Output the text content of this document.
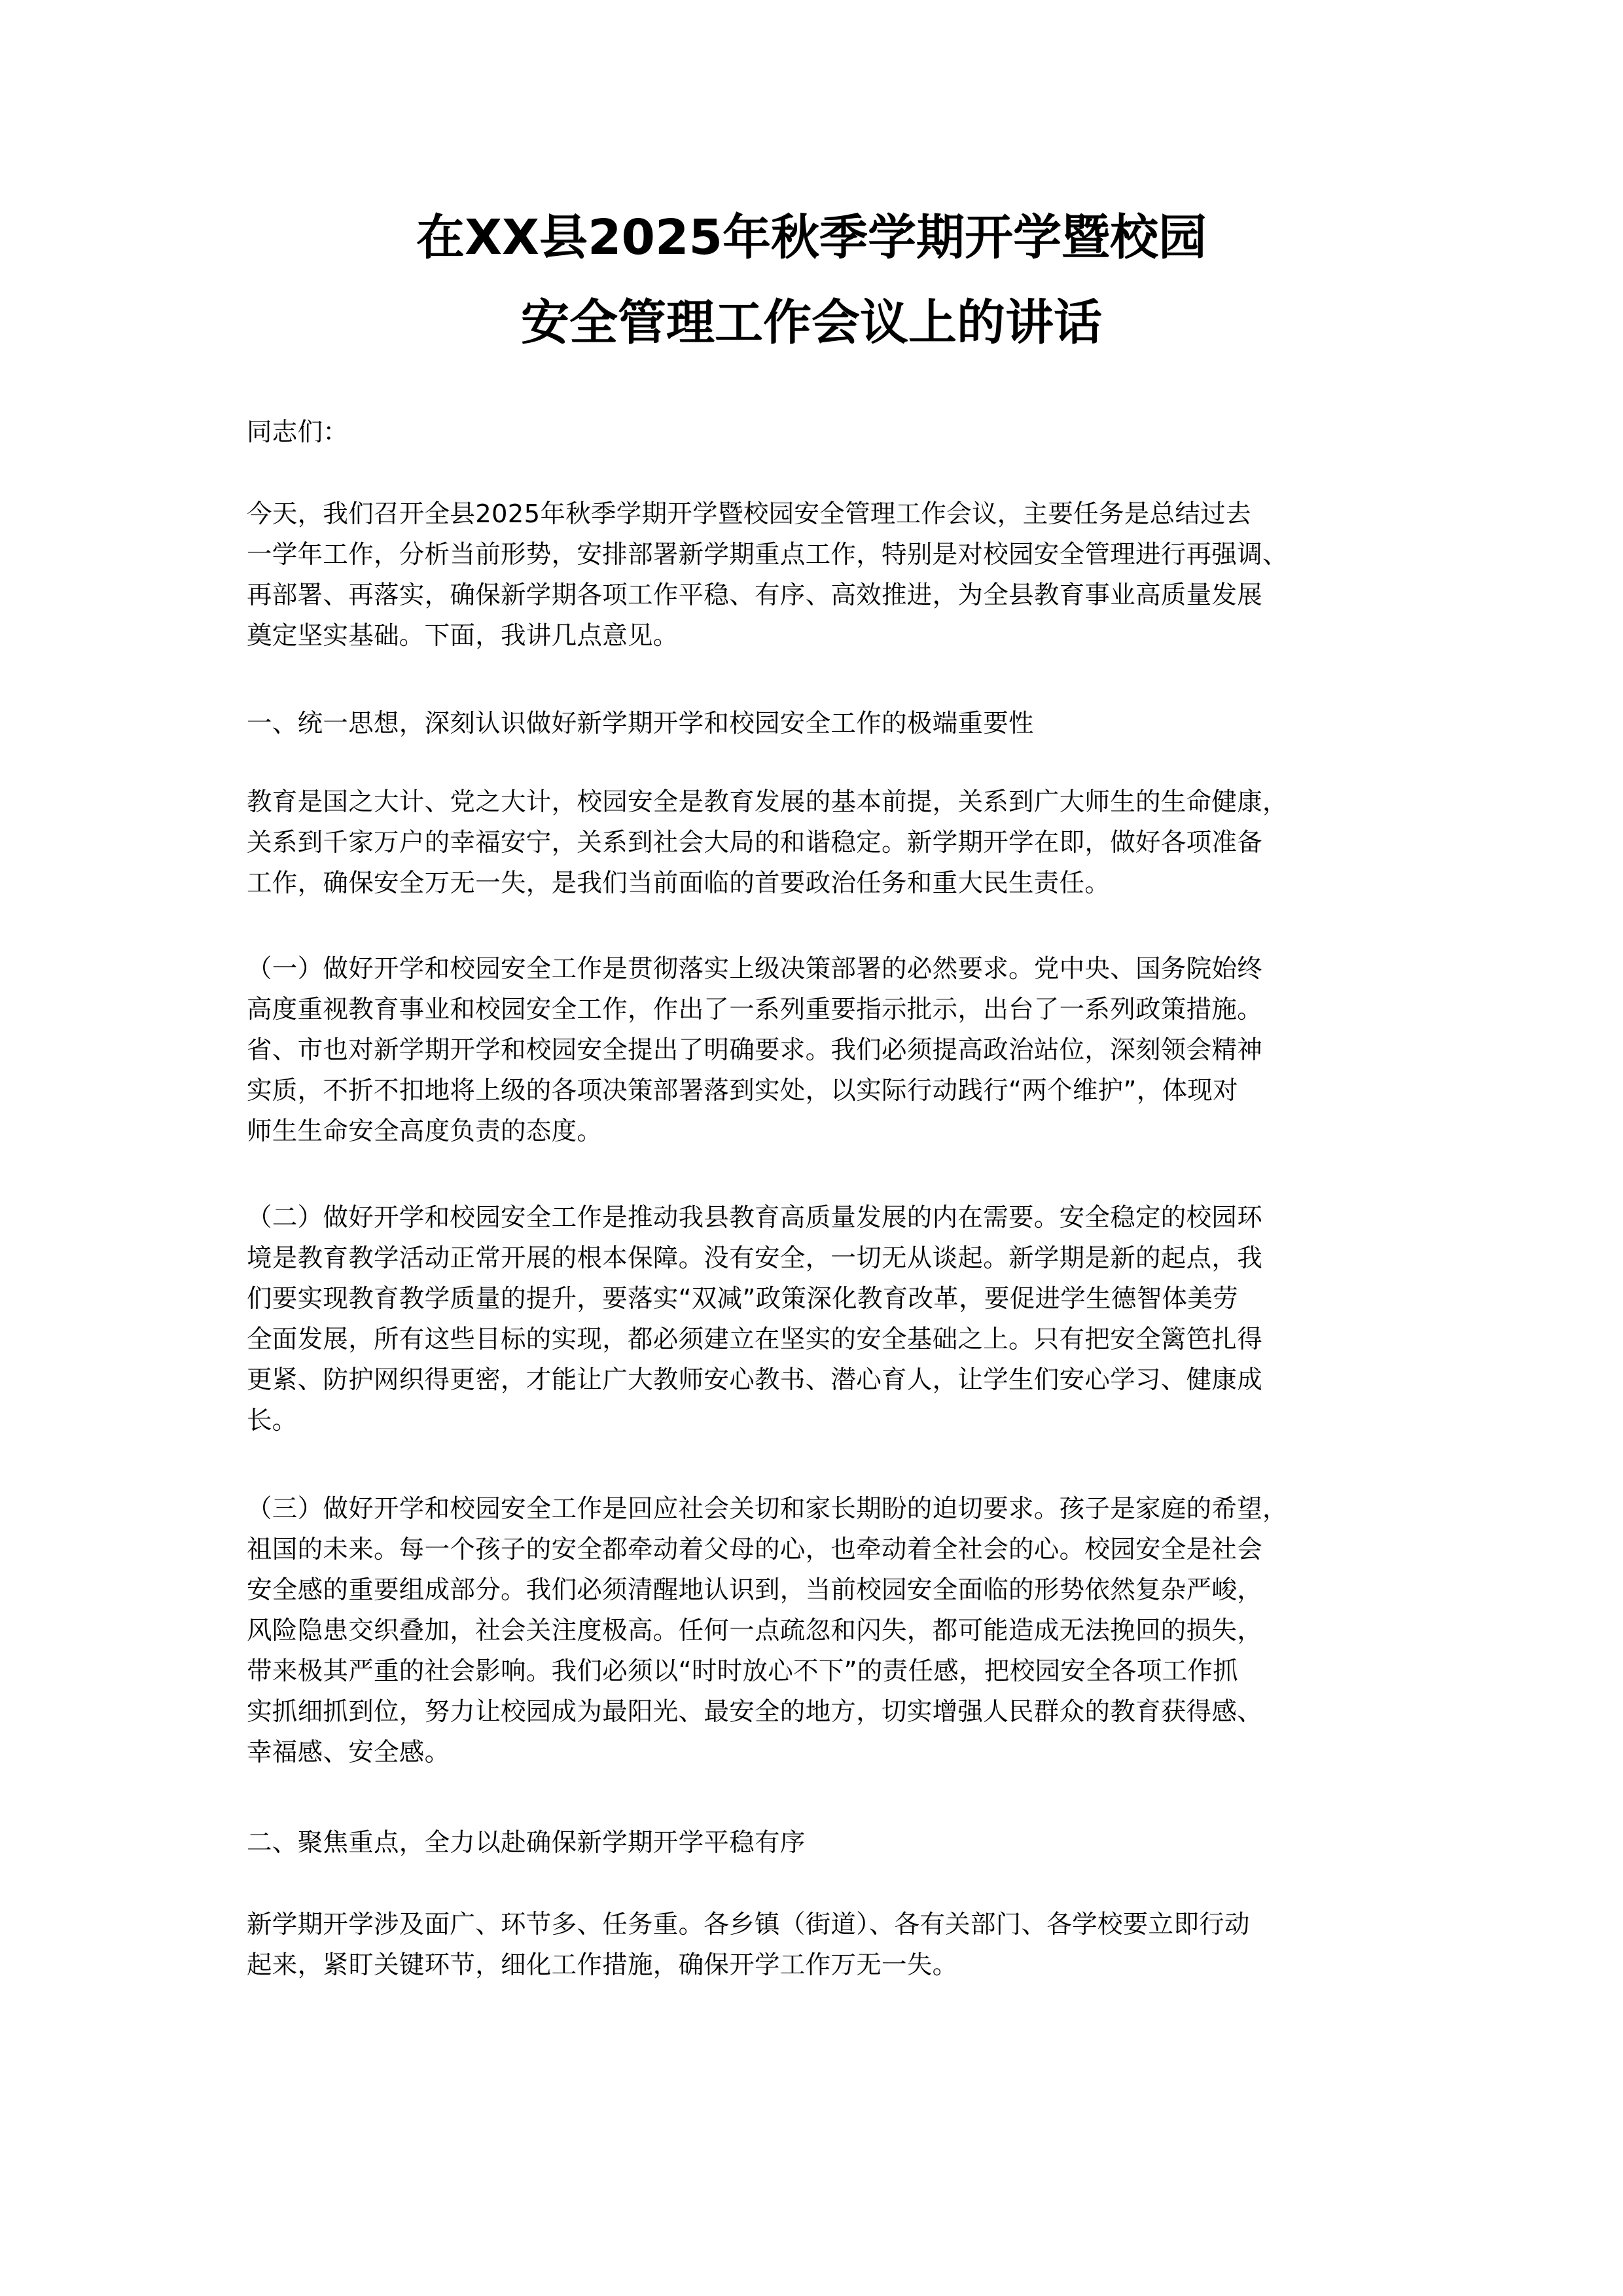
在XX县2025年秋季学期开学暨校园
安全管理工作会议上的讲话
同志们：
今天，我们召开全县2025年秋季学期开学暨校园安全管理工作会议，主要任务是总结过去
一学年工作，分析当前形势，安排部署新学期重点工作，特别是对校园安全管理进行再强调、
再部署、再落实，确保新学期各项工作平稳、有序、高效推进，为全县教育事业高质量发展
奠定坚实基础。下面，我讲几点意见。
一、统一思想，深刻认识做好新学期开学和校园安全工作的极端重要性
教育是国之大计、党之大计，校园安全是教育发展的基本前提，关系到广大师生的生命健康，
关系到千家万户的幸福安宁，关系到社会大局的和谐稳定。新学期开学在即，做好各项准备
工作，确保安全万无一失，是我们当前面临的首要政治任务和重大民生责任。
（一）做好开学和校园安全工作是贯彻落实上级决策部署的必然要求。党中央、国务院始终
高度重视教育事业和校园安全工作，作出了一系列重要指示批示，出台了一系列政策措施。
省、市也对新学期开学和校园安全提出了明确要求。我们必须提高政治站位，深刻领会精神
实质，不折不扣地将上级的各项决策部署落到实处，以实际行动践行“两个维护”，体现对
师生生命安全高度负责的态度。
（二）做好开学和校园安全工作是推动我县教育高质量发展的内在需要。安全稳定的校园环
境是教育教学活动正常开展的根本保障。没有安全，一切无从谈起。新学期是新的起点，我
们要实现教育教学质量的提升，要落实“双减”政策深化教育改革，要促进学生德智体美劳
全面发展，所有这些目标的实现，都必须建立在坚实的安全基础之上。只有把安全篱笆扎得
更紧、防护网织得更密，才能让广大教师安心教书、潜心育人，让学生们安心学习、健康成
长。
（三）做好开学和校园安全工作是回应社会关切和家长期盼的迫切要求。孩子是家庭的希望，
祖国的未来。每一个孩子的安全都牵动着父母的心，也牵动着全社会的心。校园安全是社会
安全感的重要组成部分。我们必须清醒地认识到，当前校园安全面临的形势依然复杂严峻，
风险隐患交织叠加，社会关注度极高。任何一点疏忽和闪失，都可能造成无法挽回的损失，
带来极其严重的社会影响。我们必须以“时时放心不下”的责任感，把校园安全各项工作抓
实抓细抓到位，努力让校园成为最阳光、最安全的地方，切实增强人民群众的教育获得感、
幸福感、安全感。
二、聚焦重点，全力以赴确保新学期开学平稳有序
新学期开学涉及面广、环节多、任务重。各乡镇（街道）、各有关部门、各学校要立即行动
起来，紧盯关键环节，细化工作措施，确保开学工作万无一失。
